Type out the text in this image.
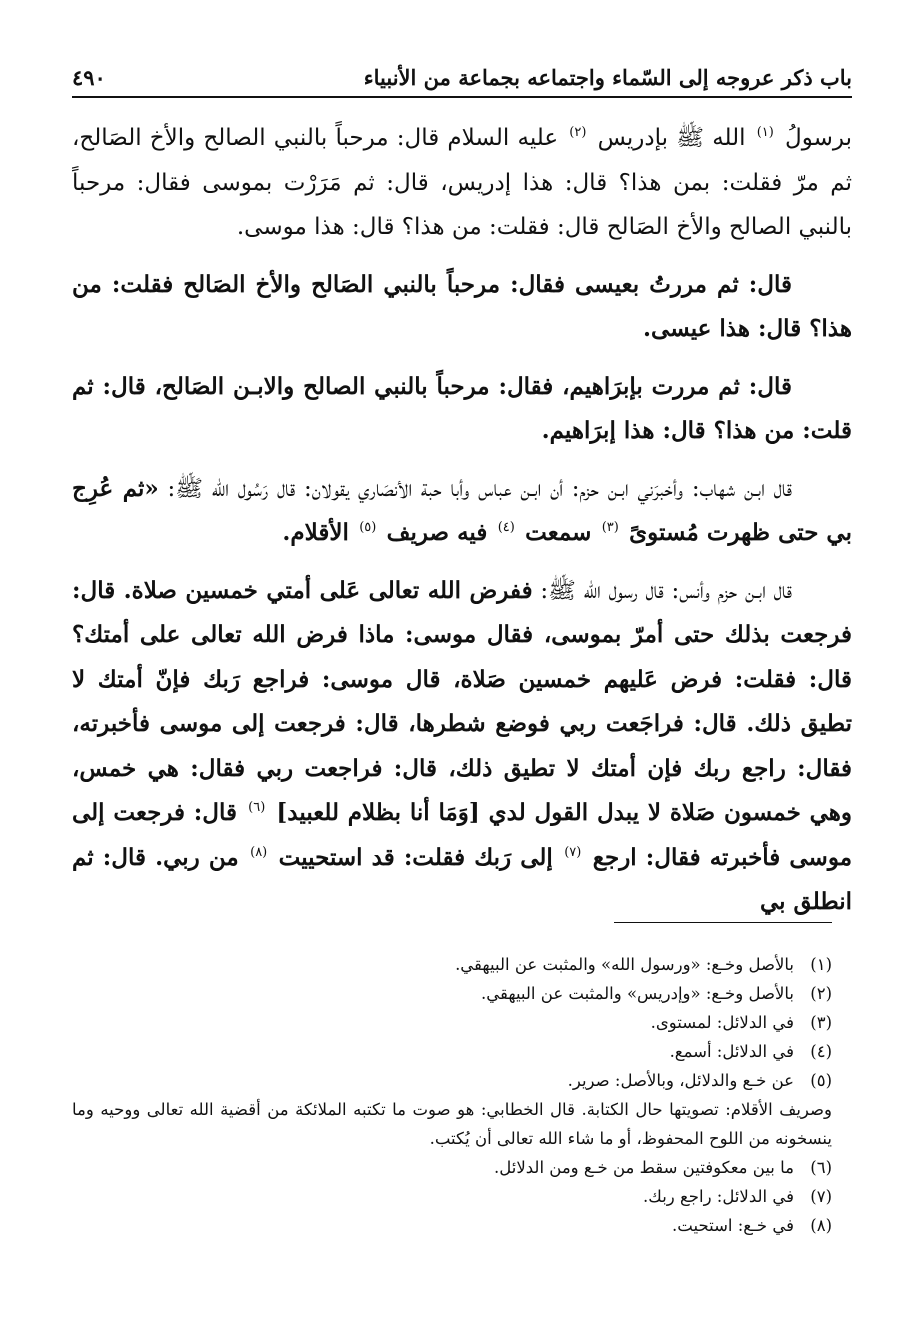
باب ذكر عروجه إلى السّماء واجتماعه بجماعة من الأنبياء
٤٩٠

برسولُ $^{(١)}$ الله ﷺ بإدريس $^{(٢)}$ عليه السلام قال: مرحباً بالنبي الصالح والأخ الصَالح، ثم مرّ فقلت: بمن هذا؟ قال: هذا إدريس، قال: ثم مَرَرْت بموسى فقال: مرحباً بالنبي الصالح والأخ الصَالح قال: فقلت: من هذا؟ قال: هذا موسى.

قال: ثم مررتُ بعيسى فقال: مرحباً بالنبي الصَالح والأخ الصَالح فقلت: من هذا؟ قال: هذا عيسى.

قال: ثم مررت بإبرَاهيم، فقال: مرحباً بالنبي الصالح والابـن الصَالح، قال: ثم قلت: من هذا؟ قال: هذا إبرَاهيم.

قال ابـن شهاب: وأخبرَني ابـن حزم: أن ابـن عباس وأبا حبة الأنصَاري يقولان: قال رَسُول الله ﷺ: «ثم عُرِج بي حتى ظهرت مُستوىً $^{(٣)}$ سمعت $^{(٤)}$ فيه صريف $^{(٥)}$ الأقلام.

قال ابـن حزم وأنس: قال رسول الله ﷺ: ففرض الله تعالى عَلى أمتي خمسين صلاة. قال: فرجعت بذلك حتى أمرّ بموسى، فقال موسى: ماذا فرض الله تعالى على أمتك؟ قال: فقلت: فرض عَليهم خمسين صَلاة، قال موسى: فراجع رَبك فإنّ أمتك لا تطيق ذلك. قال: فراجَعت ربي فوضع شطرها، قال: فرجعت إلى موسى فأخبرته، فقال: راجع ربك فإن أمتك لا تطيق ذلك، قال: فراجعت ربي فقال: هي خمس، وهي خمسون صَلاة لا يبدل القول لدي [وَمَا أنا بظلام للعبيد] $^{(٦)}$ قال: فرجعت إلى موسى فأخبرته فقال: ارجع $^{(٧)}$ إلى رَبك فقلت: قد استحييت $^{(٨)}$ من ربي. قال: ثم انطلق بي

(١)
بالأصل وخـع: «ورسول الله» والمثبت عن البيهقي.
(٢)
بالأصل وخـع: «وإدريس» والمثبت عن البيهقي.
(٣)
في الدلائل: لمستوى.
(٤)
في الدلائل: أسمع.
(٥)
عن خـع والدلائل، وبالأصل: صرير.
وصريف الأقلام: تصويتها حال الكتابة. قال الخطابي: هو صوت ما تكتبه الملائكة من أقضية الله تعالى ووحيه وما ينسخونه من اللوح المحفوظ، أو ما شاء الله تعالى أن يُكتب.
(٦)
ما بين معكوفتين سقط من خـع ومن الدلائل.
(٧)
في الدلائل: راجع ربك.
(٨)
في خـع: استحيت.
